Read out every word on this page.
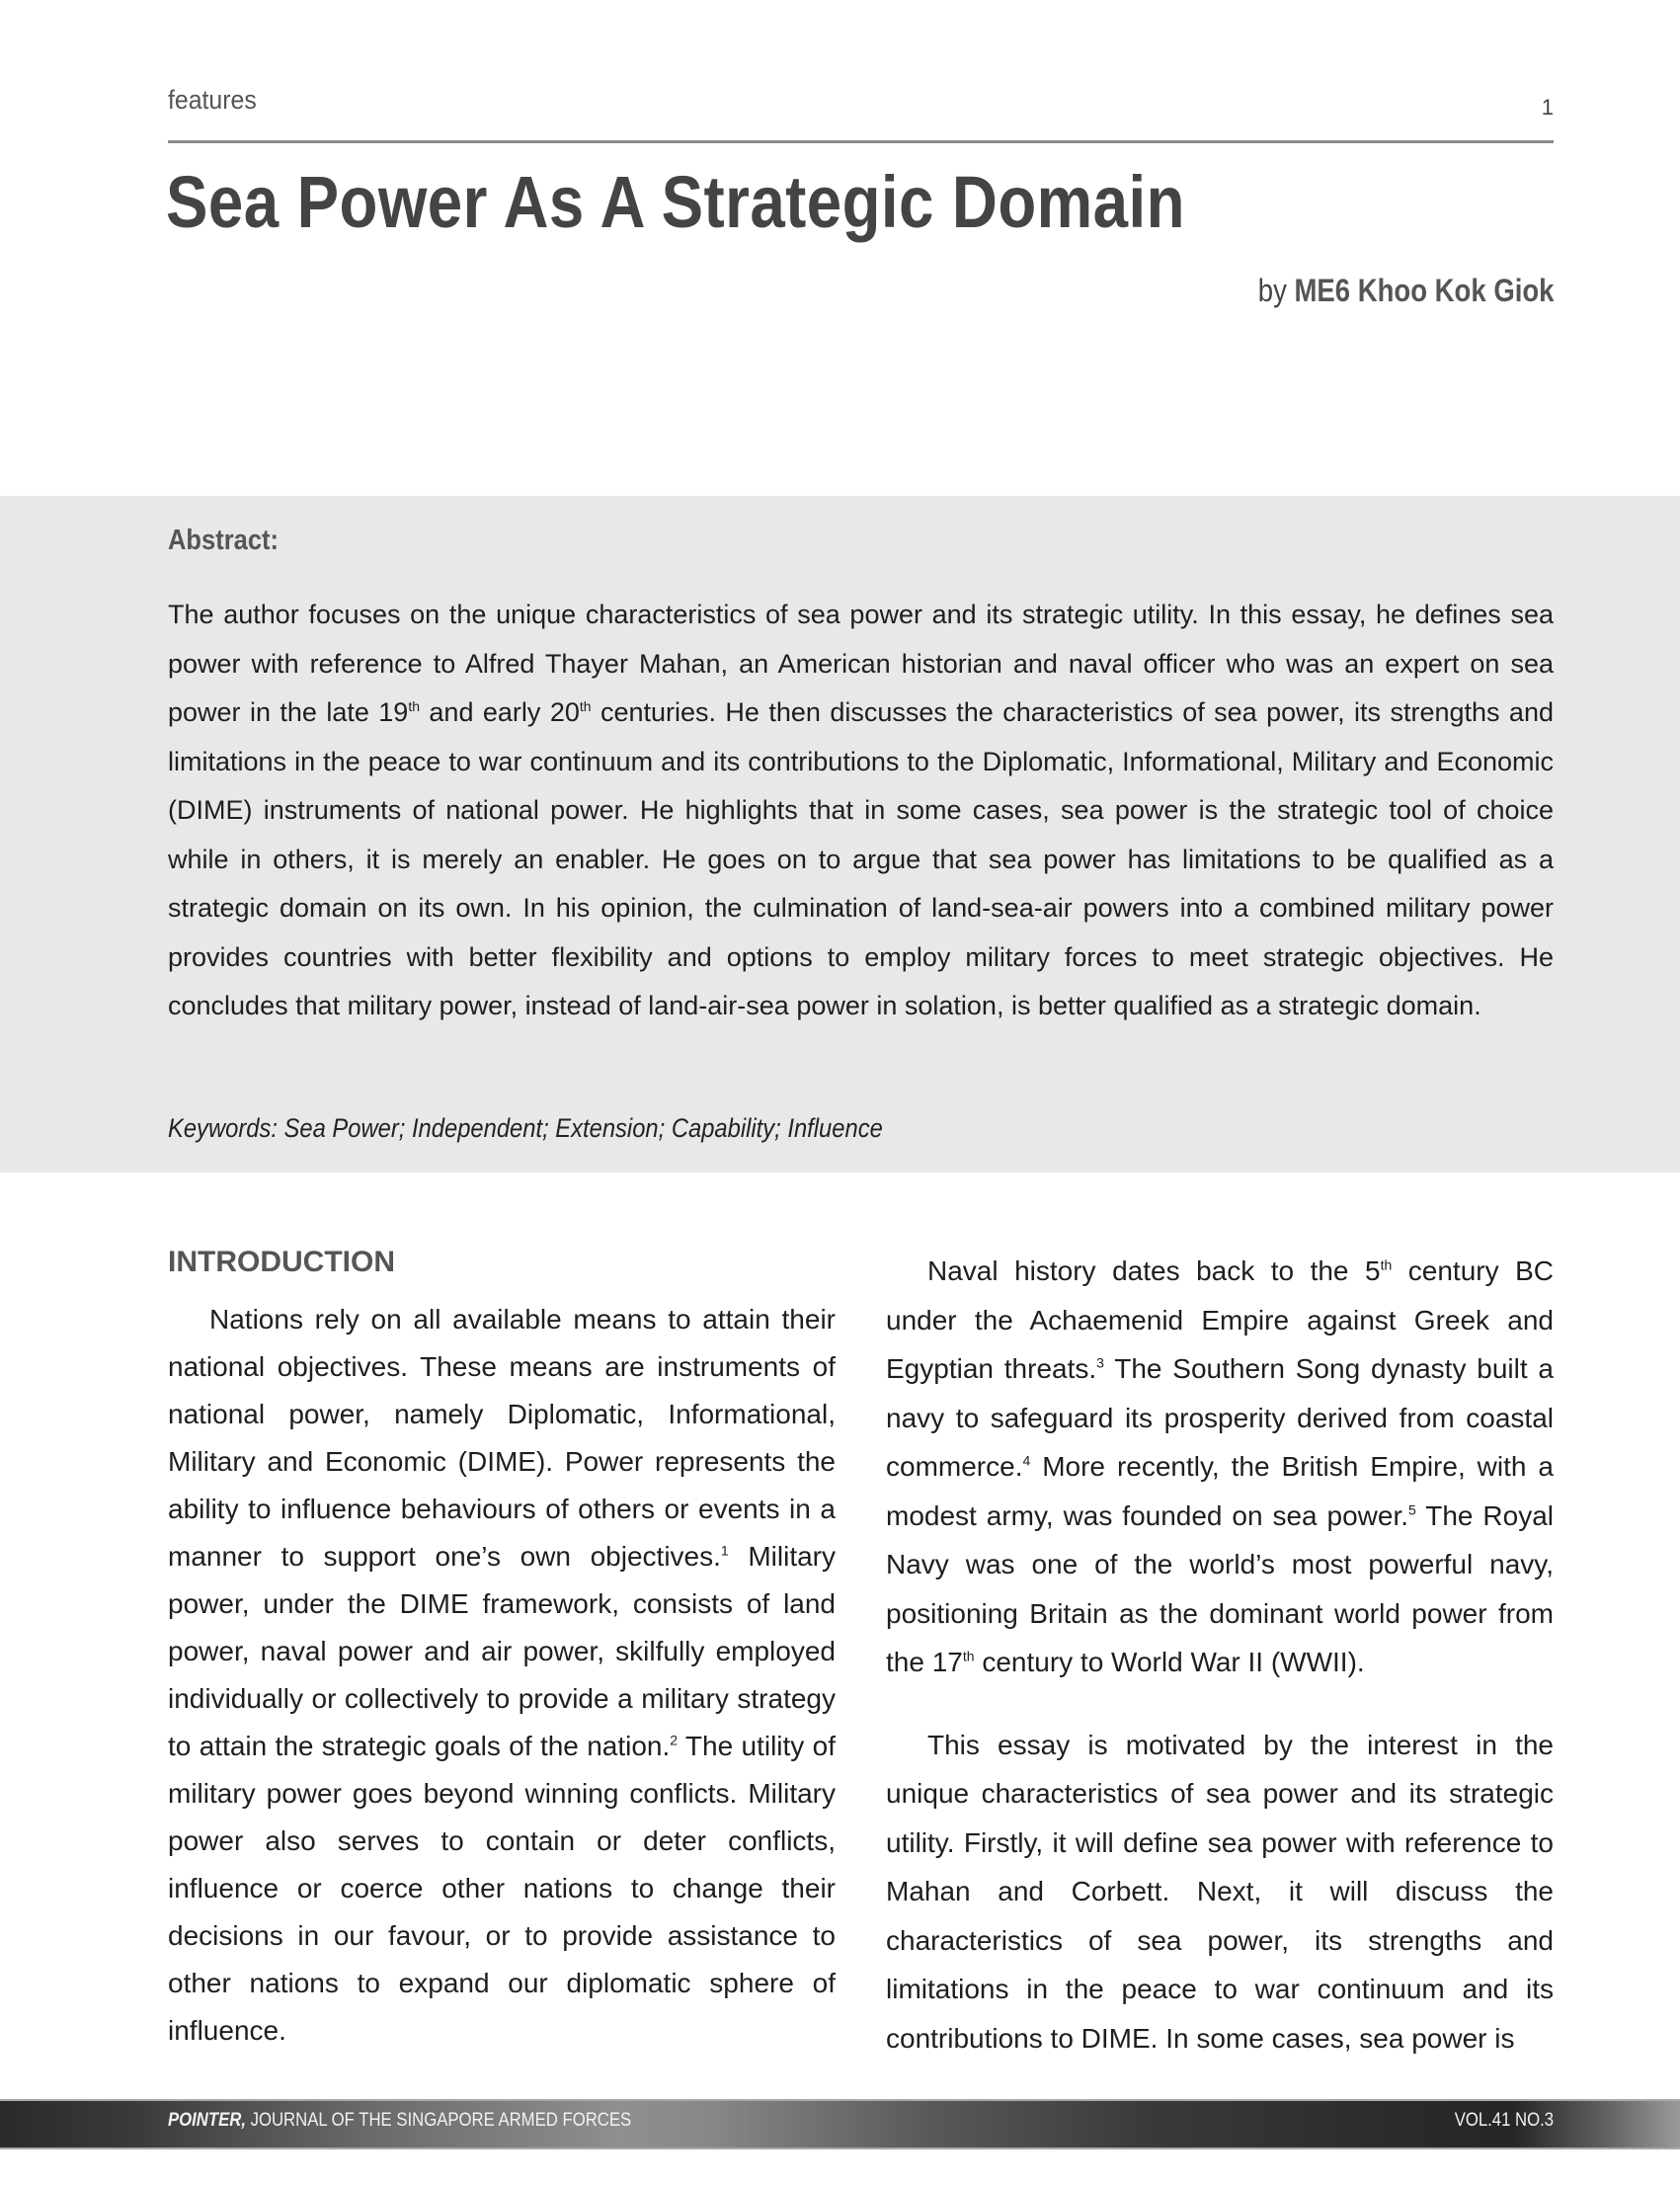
features	1
Sea Power As A Strategic Domain
by ME6 Khoo Kok Giok
Abstract:
The author focuses on the unique characteristics of sea power and its strategic utility. In this essay, he defines sea power with reference to Alfred Thayer Mahan, an American historian and naval officer who was an expert on sea power in the late 19th and early 20th centuries. He then discusses the characteristics of sea power, its strengths and limitations in the peace to war continuum and its contributions to the Diplomatic, Informational, Military and Economic (DIME) instruments of national power. He highlights that in some cases, sea power is the strategic tool of choice while in others, it is merely an enabler. He goes on to argue that sea power has limitations to be qualified as a strategic domain on its own. In his opinion, the culmination of land-sea-air powers into a combined military power provides countries with better flexibility and options to employ military forces to meet strategic objectives. He concludes that military power, instead of land-air-sea power in solation, is better qualified as a strategic domain.
Keywords: Sea Power; Independent; Extension; Capability; Influence
INTRODUCTION

Nations rely on all available means to attain their national objectives. These means are instruments of national power, namely Diplomatic, Informational, Military and Economic (DIME). Power represents the ability to influence behaviours of others or events in a manner to support one’s own objectives.$^1$ Military power, under the DIME framework, consists of land power, naval power and air power, skilfully employed individually or collectively to provide a military strategy to attain the strategic goals of the nation.$^2$ The utility of military power goes beyond winning conflicts. Military power also serves to contain or deter conflicts, influence or coerce other nations to change their decisions in our favour, or to provide assistance to other nations to expand our diplomatic sphere of influence.

Naval history dates back to the 5th century BC under the Achaemenid Empire against Greek and Egyptian threats.$^3$ The Southern Song dynasty built a navy to safeguard its prosperity derived from coastal commerce.$^4$ More recently, the British Empire, with a modest army, was founded on sea power.$^5$ The Royal Navy was one of the world’s most powerful navy, positioning Britain as the dominant world power from the 17th century to World War II (WWII).

This essay is motivated by the interest in the unique characteristics of sea power and its strategic utility. Firstly, it will define sea power with reference to Mahan and Corbett. Next, it will discuss the characteristics of sea power, its strengths and limitations in the peace to war continuum and its contributions to DIME. In some cases, sea power is

POINTER, JOURNAL OF THE SINGAPORE ARMED FORCES	VOL.41 NO.3
